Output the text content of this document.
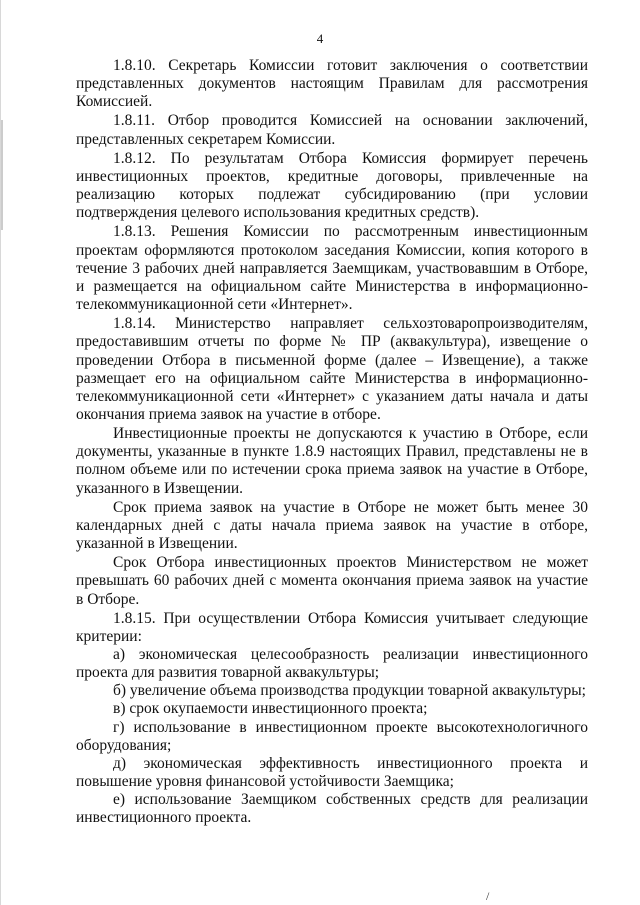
4

1.8.10. Секретарь Комиссии готовит заключения о соответствии представленных документов настоящим Правилам для рассмотрения Комиссией.

1.8.11. Отбор проводится Комиссией на основании заключений, представленных секретарем Комиссии.

1.8.12. По результатам Отбора Комиссия формирует перечень инвестиционных проектов, кредитные договоры, привлеченные на реализацию которых подлежат субсидированию (при условии подтверждения целевого использования кредитных средств).

1.8.13. Решения Комиссии по рассмотренным инвестиционным проектам оформляются протоколом заседания Комиссии, копия которого в течение 3 рабочих дней направляется Заемщикам, участвовавшим в Отборе, и размещается на официальном сайте Министерства в информационно-телекоммуникационной сети «Интернет».

1.8.14. Министерство направляет сельхозтоваропроизводителям, предоставившим отчеты по форме № ПР (аквакультура), извещение о проведении Отбора в письменной форме (далее – Извещение), а также размещает его на официальном сайте Министерства в информационно-телекоммуникационной сети «Интернет» с указанием даты начала и даты окончания приема заявок на участие в отборе.

Инвестиционные проекты не допускаются к участию в Отборе, если документы, указанные в пункте 1.8.9 настоящих Правил, представлены не в полном объеме или по истечении срока приема заявок на участие в Отборе, указанного в Извещении.

Срок приема заявок на участие в Отборе не может быть менее 30 календарных дней с даты начала приема заявок на участие в отборе, указанной в Извещении.

Срок Отбора инвестиционных проектов Министерством не может превышать 60 рабочих дней с момента окончания приема заявок на участие в Отборе.

1.8.15. При осуществлении Отбора Комиссия учитывает следующие критерии:

а) экономическая целесообразность реализации инвестиционного проекта для развития товарной аквакультуры;

б) увеличение объема производства продукции товарной аквакультуры;

в) срок окупаемости инвестиционного проекта;

г) использование в инвестиционном проекте высокотехнологичного оборудования;

д) экономическая эффективность инвестиционного проекта и повышение уровня финансовой устойчивости Заемщика;

е) использование Заемщиком собственных средств для реализации инвестиционного проекта.

/
